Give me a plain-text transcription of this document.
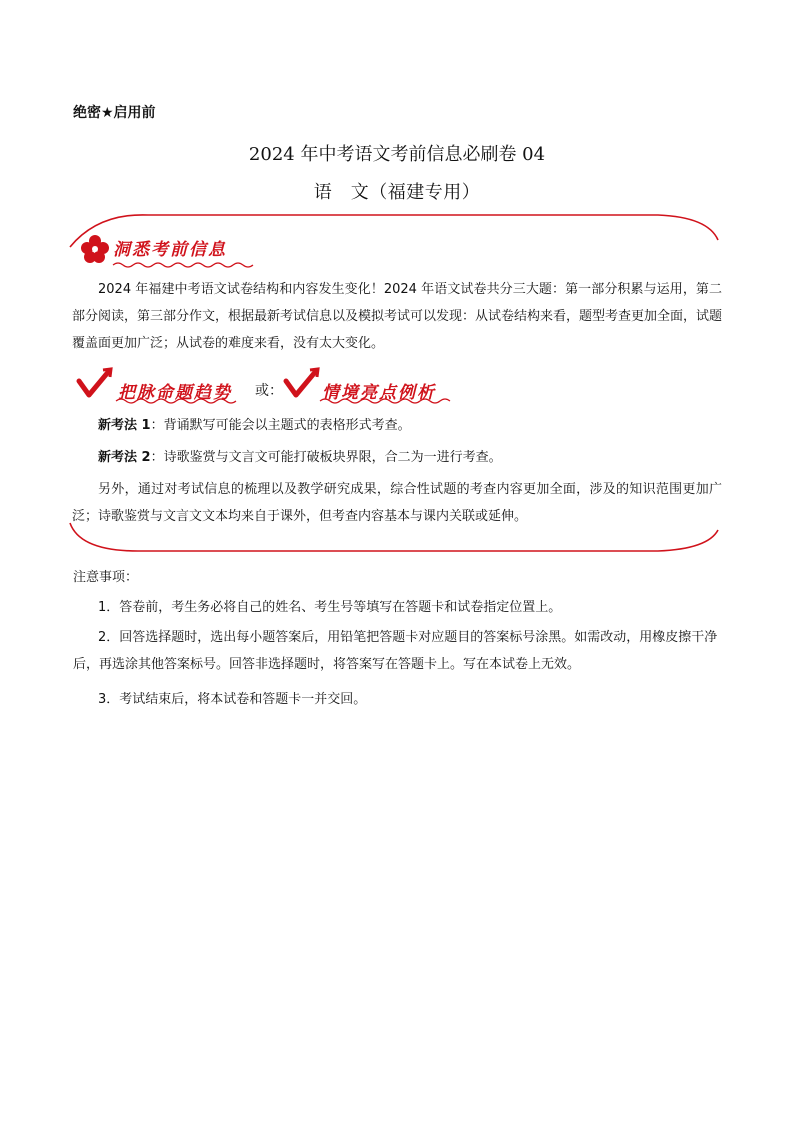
绝密★启用前
2024 年中考语文考前信息必刷卷 04
语　文（福建专用）
洞悉考前信息
2024 年福建中考语文试卷结构和内容发生变化！2024 年语文试卷共分三大题：第一部分积累与运用，第二部分阅读，第三部分作文，根据最新考试信息以及模拟考试可以发现：从试卷结构来看，题型考查更加全面，试题覆盖面更加广泛；从试卷的难度来看，没有太大变化。
把脉命题趋势 或： 情境亮点例析
新考法 1：背诵默写可能会以主题式的表格形式考查。
新考法 2：诗歌鉴赏与文言文可能打破板块界限，合二为一进行考查。
另外，通过对考试信息的梳理以及教学研究成果，综合性试题的考查内容更加全面，涉及的知识范围更加广泛；诗歌鉴赏与文言文文本均来自于课外，但考查内容基本与课内关联或延伸。
注意事项：
1．答卷前，考生务必将自己的姓名、考生号等填写在答题卡和试卷指定位置上。
2．回答选择题时，选出每小题答案后，用铅笔把答题卡对应题目的答案标号涂黑。如需改动，用橡皮擦干净后，再选涂其他答案标号。回答非选择题时，将答案写在答题卡上。写在本试卷上无效。
3．考试结束后，将本试卷和答题卡一并交回。
